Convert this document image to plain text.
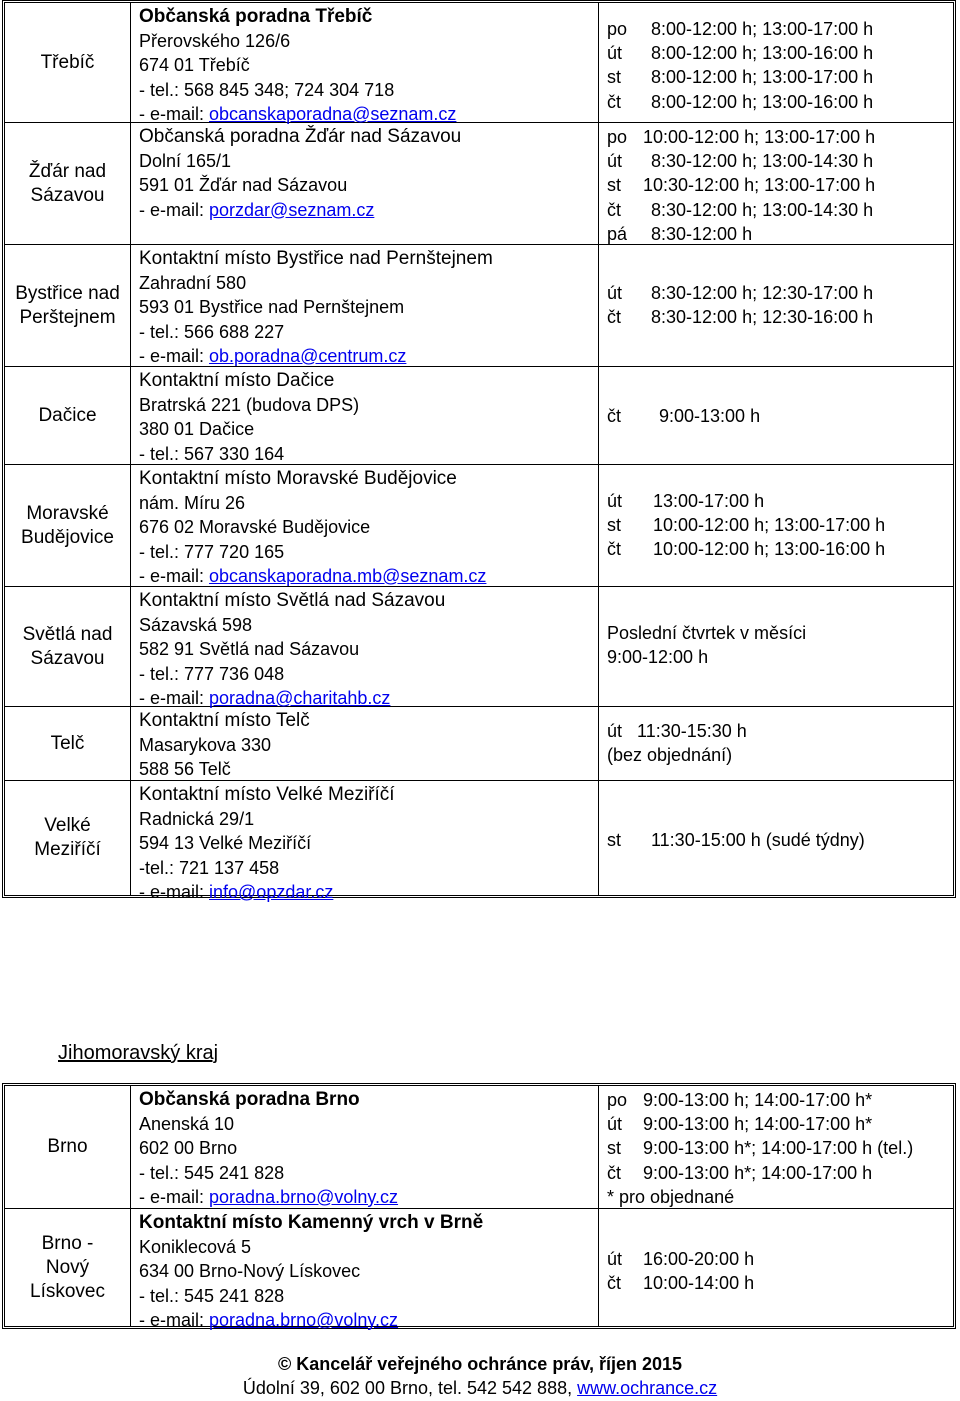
Třebíč
Občanská poradna Třebíč
Přerovského 126/6
674 01 Třebíč
- tel.: 568 845 348; 724 304 718
- e-mail: obcanskaporadna@seznam.cz
po 8:00-12:00 h; 13:00-17:00 h
út 8:00-12:00 h; 13:00-16:00 h
st 8:00-12:00 h; 13:00-17:00 h
čt 8:00-12:00 h; 13:00-16:00 h
Žďár nad Sázavou
Občanská poradna Žďár nad Sázavou
Dolní 165/1
591 01 Žďár nad Sázavou
- e-mail: porzdar@seznam.cz
po 10:00-12:00 h; 13:00-17:00 h
út 8:30-12:00 h; 13:00-14:30 h
st 10:30-12:00 h; 13:00-17:00 h
čt 8:30-12:00 h; 13:00-14:30 h
pá 8:30-12:00 h
Bystřice nad Perštejnem
Kontaktní místo Bystřice nad Pernštejnem
Zahradní 580
593 01 Bystřice nad Pernštejnem
- tel.: 566 688 227
- e-mail: ob.poradna@centrum.cz
út 8:30-12:00 h; 12:30-17:00 h
čt 8:30-12:00 h; 12:30-16:00 h
Dačice
Kontaktní místo Dačice
Bratrská 221 (budova DPS)
380 01 Dačice
- tel.: 567 330 164
čt 9:00-13:00 h
Moravské Budějovice
Kontaktní místo Moravské Budějovice
nám. Míru 26
676 02 Moravské Budějovice
- tel.: 777 720 165
- e-mail: obcanskaporadna.mb@seznam.cz
út 13:00-17:00 h
st 10:00-12:00 h; 13:00-17:00 h
čt 10:00-12:00 h; 13:00-16:00 h
Světlá nad Sázavou
Kontaktní místo Světlá nad Sázavou
Sázavská 598
582 91 Světlá nad Sázavou
- tel.: 777 736 048
- e-mail: poradna@charitahb.cz
Poslední čtvrtek v měsíci
9:00-12:00 h
Telč
Kontaktní místo Telč
Masarykova 330
588 56 Telč
út   11:30-15:30 h
(bez objednání)
Velké Meziříčí
Kontaktní místo Velké Meziříčí
Radnická 29/1
594 13 Velké Meziříčí
-tel.: 721 137 458
- e-mail: info@opzdar.cz
st 11:30-15:00 h (sudé týdny)
Jihomoravský kraj
Brno
Občanská poradna Brno
Anenská 10
602 00 Brno
- tel.: 545 241 828
- e-mail: poradna.brno@volny.cz
po 9:00-13:00 h; 14:00-17:00 h*
út 9:00-13:00 h; 14:00-17:00 h*
st 9:00-13:00 h*; 14:00-17:00 h (tel.)
čt 9:00-13:00 h*; 14:00-17:00 h
* pro objednané
Brno - Nový Lískovec
Kontaktní místo Kamenný vrch v Brně
Koniklecová 5
634 00 Brno-Nový Lískovec
- tel.: 545 241 828
- e-mail: poradna.brno@volny.cz
út 16:00-20:00 h
čt 10:00-14:00 h
© Kancelář veřejného ochránce práv, říjen 2015
Údolní 39, 602 00 Brno, tel. 542 542 888, www.ochrance.cz
